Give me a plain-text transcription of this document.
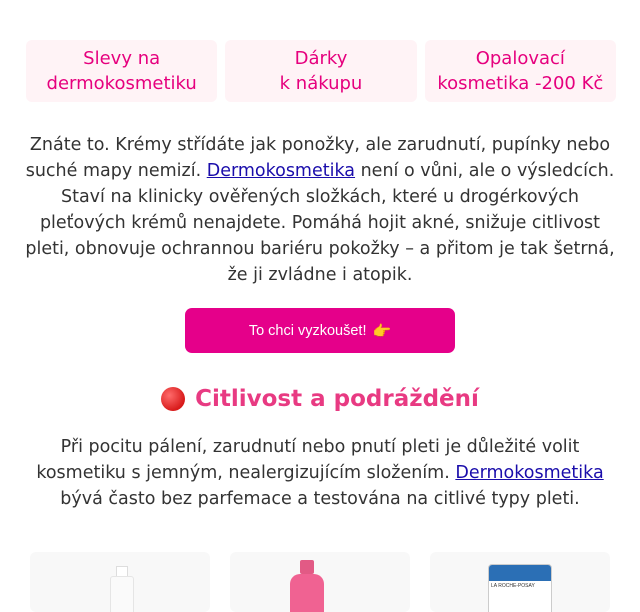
Slevy na
dermokosmetiku
Dárky
k nákupu
Opalovací
kosmetika -200 Kč

Znáte to. Krémy střídáte jak ponožky, ale zarudnutí, pupínky nebo suché mapy nemizí. Dermokosmetika není o vůni, ale o výsledcích. Staví na klinicky ověřených složkách, které u drogérkových pleťových krémů nenajdete. Pomáhá hojit akné, snižuje citlivost pleti, obnovuje ochrannou bariéru pokožky – a přitom je tak šetrná, že ji zvládne i atopik.

To chci vyzkoušet! 👉
Citlivost a podráždění

Při pocitu pálení, zarudnutí nebo pnutí pleti je důležité volit kosmetiku s jemným, nealergizujícím složením. Dermokosmetika bývá často bez parfemace a testována na citlivé typy pleti.

LA ROCHE-POSAY
